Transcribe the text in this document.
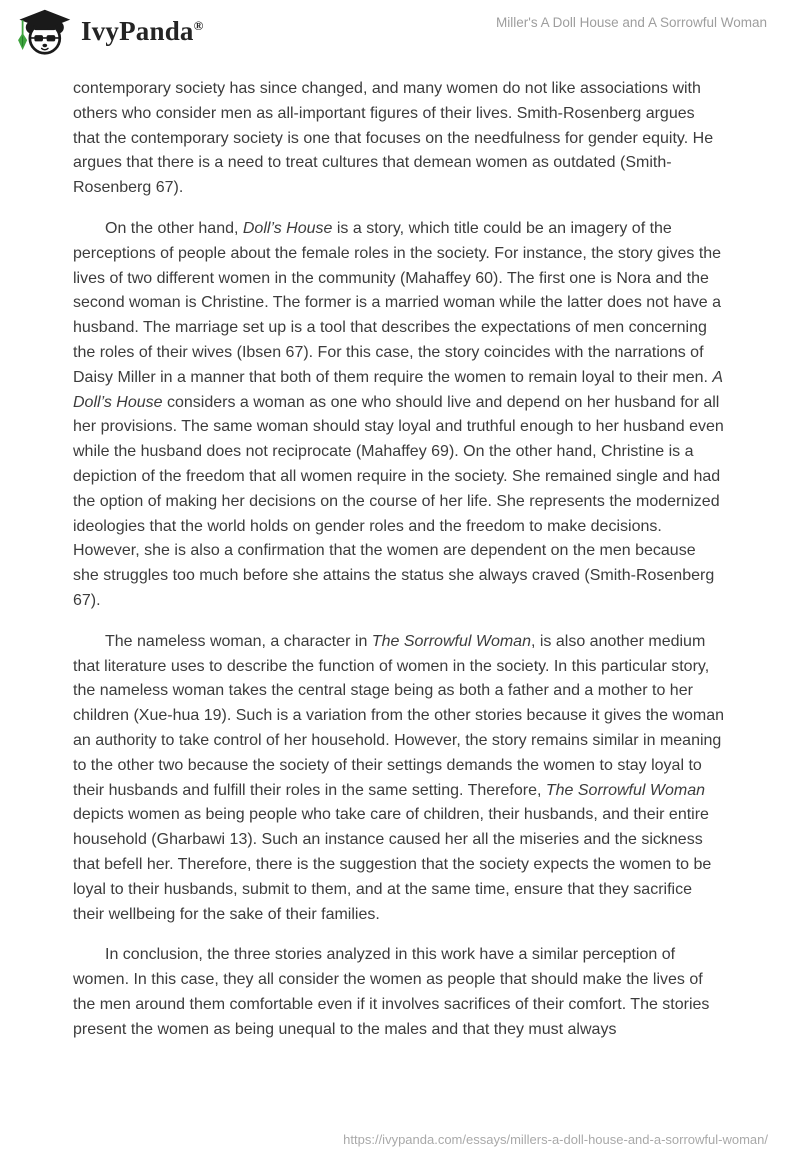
IvyPanda®	Miller's A Doll House and A Sorrowful Woman

contemporary society has since changed, and many women do not like associations with others who consider men as all-important figures of their lives. Smith-Rosenberg argues that the contemporary society is one that focuses on the needfulness for gender equity. He argues that there is a need to treat cultures that demean women as outdated (Smith-Rosenberg 67).

On the other hand, Doll’s House is a story, which title could be an imagery of the perceptions of people about the female roles in the society. For instance, the story gives the lives of two different women in the community (Mahaffey 60). The first one is Nora and the second woman is Christine. The former is a married woman while the latter does not have a husband. The marriage set up is a tool that describes the expectations of men concerning the roles of their wives (Ibsen 67). For this case, the story coincides with the narrations of Daisy Miller in a manner that both of them require the women to remain loyal to their men. A Doll’s House considers a woman as one who should live and depend on her husband for all her provisions. The same woman should stay loyal and truthful enough to her husband even while the husband does not reciprocate (Mahaffey 69). On the other hand, Christine is a depiction of the freedom that all women require in the society. She remained single and had the option of making her decisions on the course of her life. She represents the modernized ideologies that the world holds on gender roles and the freedom to make decisions. However, she is also a confirmation that the women are dependent on the men because she struggles too much before she attains the status she always craved (Smith-Rosenberg 67).

The nameless woman, a character in The Sorrowful Woman, is also another medium that literature uses to describe the function of women in the society. In this particular story, the nameless woman takes the central stage being as both a father and a mother to her children (Xue-hua 19). Such is a variation from the other stories because it gives the woman an authority to take control of her household. However, the story remains similar in meaning to the other two because the society of their settings demands the women to stay loyal to their husbands and fulfill their roles in the same setting. Therefore, The Sorrowful Woman depicts women as being people who take care of children, their husbands, and their entire household (Gharbawi 13). Such an instance caused her all the miseries and the sickness that befell her. Therefore, there is the suggestion that the society expects the women to be loyal to their husbands, submit to them, and at the same time, ensure that they sacrifice their wellbeing for the sake of their families.

In conclusion, the three stories analyzed in this work have a similar perception of women. In this case, they all consider the women as people that should make the lives of the men around them comfortable even if it involves sacrifices of their comfort. The stories present the women as being unequal to the males and that they must always

https://ivypanda.com/essays/millers-a-doll-house-and-a-sorrowful-woman/
